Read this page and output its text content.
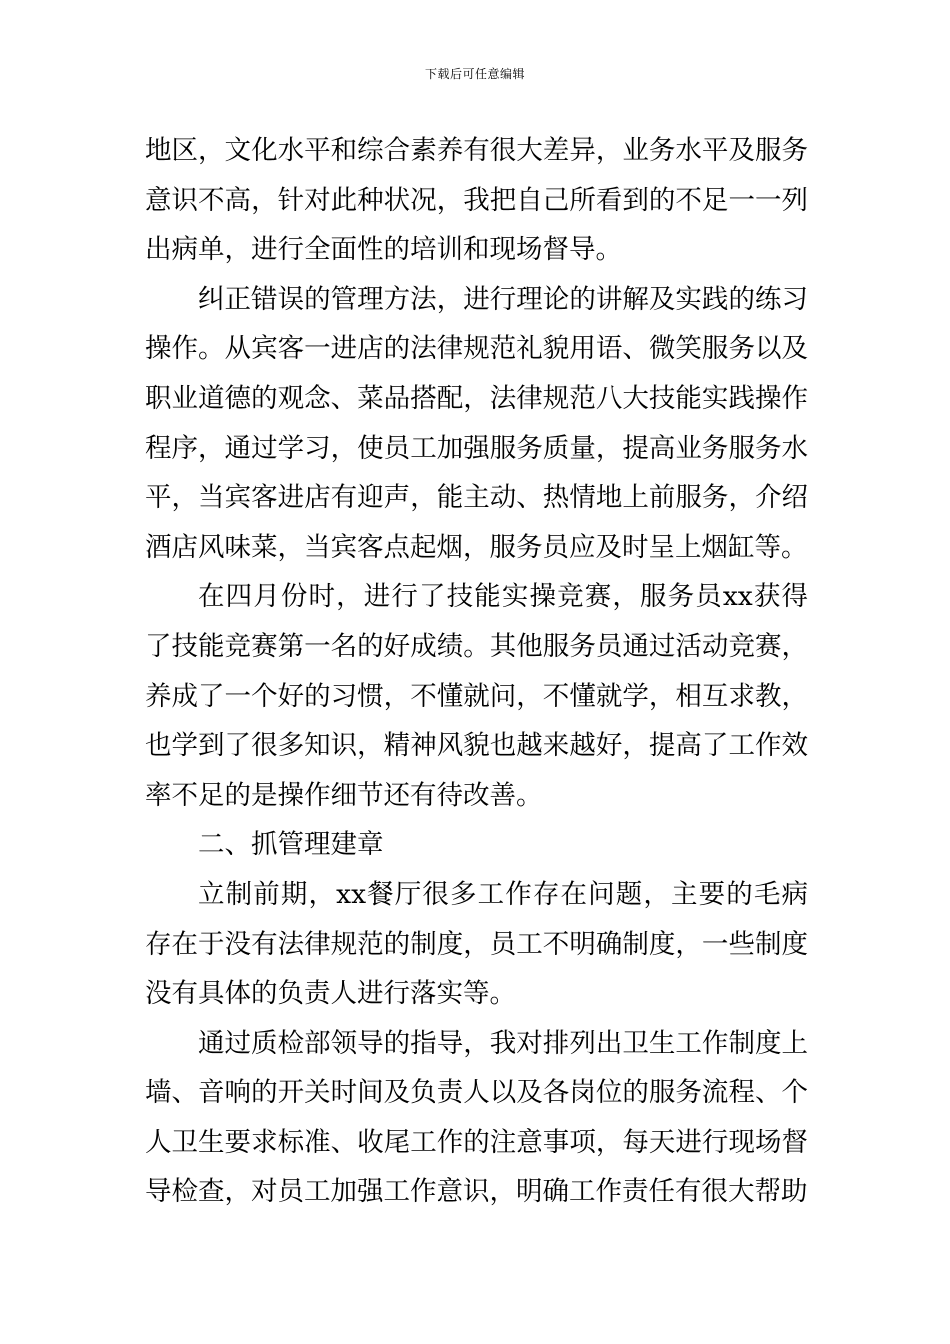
下载后可任意编辑

地区，文化水平和综合素养有很大差异，业务水平及服务意识不高，针对此种状况，我把自己所看到的不足一一列出病单，进行全面性的培训和现场督导。

纠正错误的管理方法，进行理论的讲解及实践的练习操作。从宾客一进店的法律规范礼貌用语、微笑服务以及职业道德的观念、菜品搭配，法律规范八大技能实践操作程序，通过学习，使员工加强服务质量，提高业务服务水平，当宾客进店有迎声，能主动、热情地上前服务，介绍酒店风味菜，当宾客点起烟，服务员应及时呈上烟缸等。

在四月份时，进行了技能实操竞赛，服务员xx获得了技能竞赛第一名的好成绩。其他服务员通过活动竞赛，养成了一个好的习惯，不懂就问，不懂就学，相互求教，也学到了很多知识，精神风貌也越来越好，提高了工作效率不足的是操作细节还有待改善。

二、抓管理建章

立制前期，xx餐厅很多工作存在问题，主要的毛病存在于没有法律规范的制度，员工不明确制度，一些制度没有具体的负责人进行落实等。

通过质检部领导的指导，我对排列出卫生工作制度上墙、音响的开关时间及负责人以及各岗位的服务流程、个人卫生要求标准、收尾工作的注意事项，每天进行现场督导检查，对员工加强工作意识，明确工作责任有很大帮助
